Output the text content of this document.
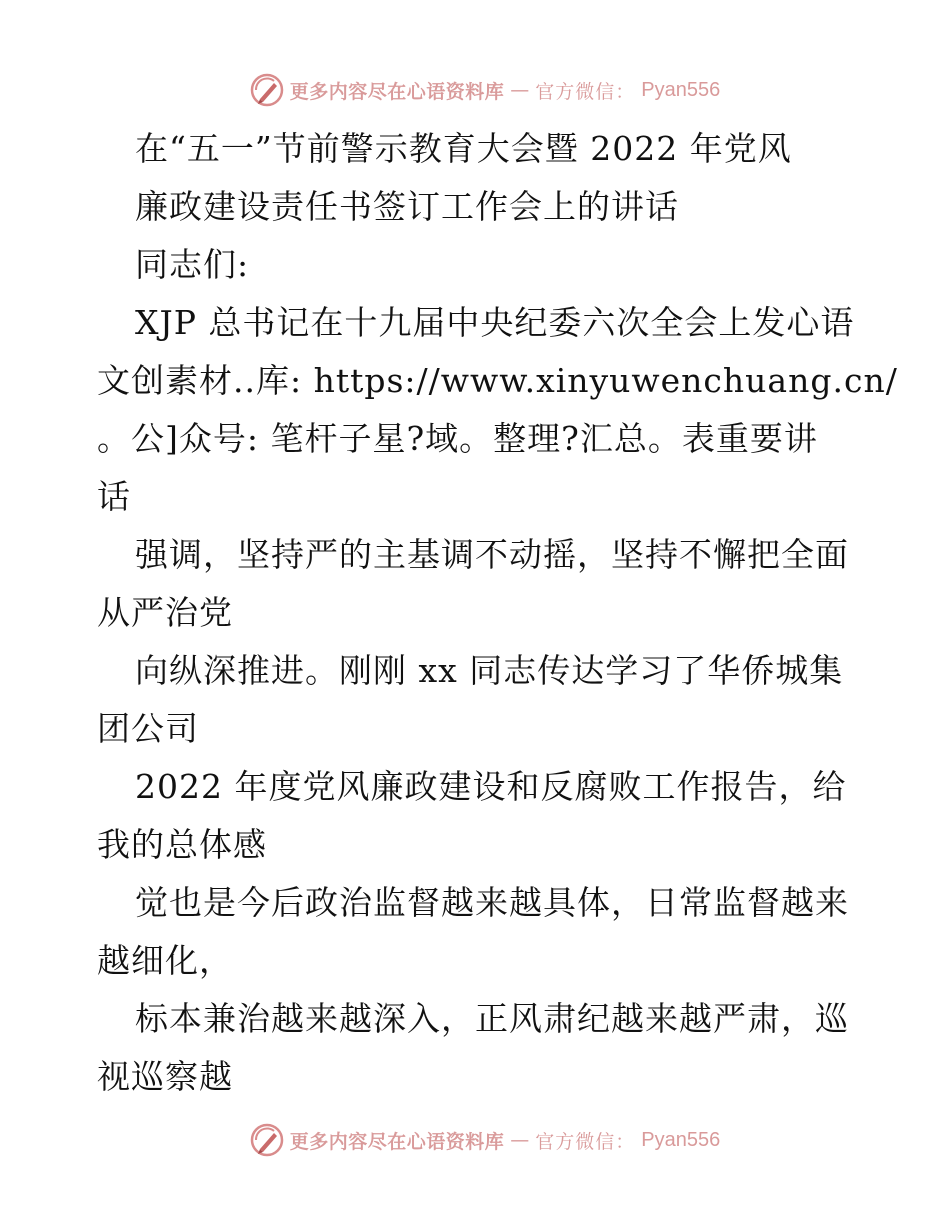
更多内容尽在心语资料库 — 官方微信： Pyan556
在“五一”节前警示教育大会暨 2022 年党风
廉政建设责任书签订工作会上的讲话
同志们:
XJP 总书记在十九届中央纪委六次全会上发心语
文创素材..库: https://www.xinyuwenchuang.cn/
。公]众号: 笔杆子星?域。整理?汇总。表重要讲
话
强调，坚持严的主基调不动摇，坚持不懈把全面
从严治党
向纵深推进。刚刚 xx 同志传达学习了华侨城集
团公司
2022 年度党风廉政建设和反腐败工作报告，给
我的总体感
觉也是今后政治监督越来越具体，日常监督越来
越细化，
标本兼治越来越深入，正风肃纪越来越严肃，巡
视巡察越
更多内容尽在心语资料库 — 官方微信： Pyan556
